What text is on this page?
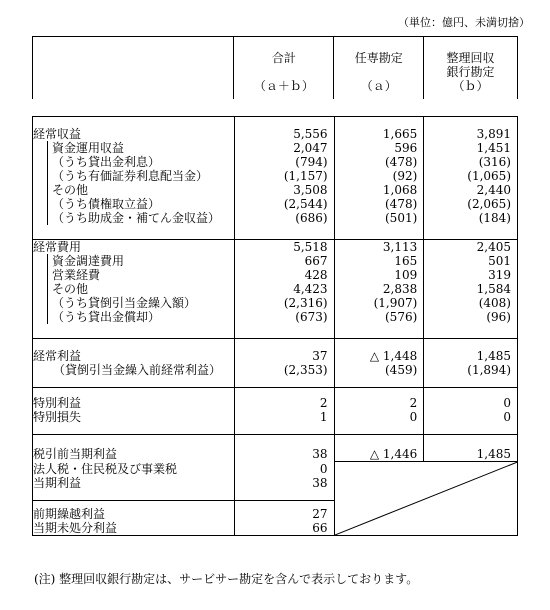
（単位：億円、未満切捨）

合計
（ａ＋ｂ）

任専勘定
（ａ）

整理回収
銀行勘定
（ｂ）

経常収益	5,556	1,665	3,891
資金運用収益	2,047	596	1,451
（うち貸出金利息）	(794)	(478)	(316)
（うち有価証券利息配当金）	(1,157)	(92)	(1,065)
その他	3,508	1,068	2,440
（うち債権取立益）	(2,544)	(478)	(2,065)
（うち助成金・補てん金収益）	(686)	(501)	(184)

経常費用	5,518	3,113	2,405
資金調達費用	667	165	501
営業経費	428	109	319
その他	4,423	2,838	1,584
（うち貸倒引当金繰入額）	(2,316)	(1,907)	(408)
（うち貸出金償却）	(673)	(576)	(96)

経常利益	37	△ 1,448	1,485
（貸倒引当金繰入前経常利益）	(2,353)	(459)	(1,894)

特別利益	2	2	0
特別損失	1	0	0

税引前当期利益	38	△ 1,446	1,485
法人税・住民税及び事業税	0	

当期利益	38		

前期繰越利益	27		
当期未処分利益	66		

(注) 整理回収銀行勘定は、サービサー勘定を含んで表示しております。
